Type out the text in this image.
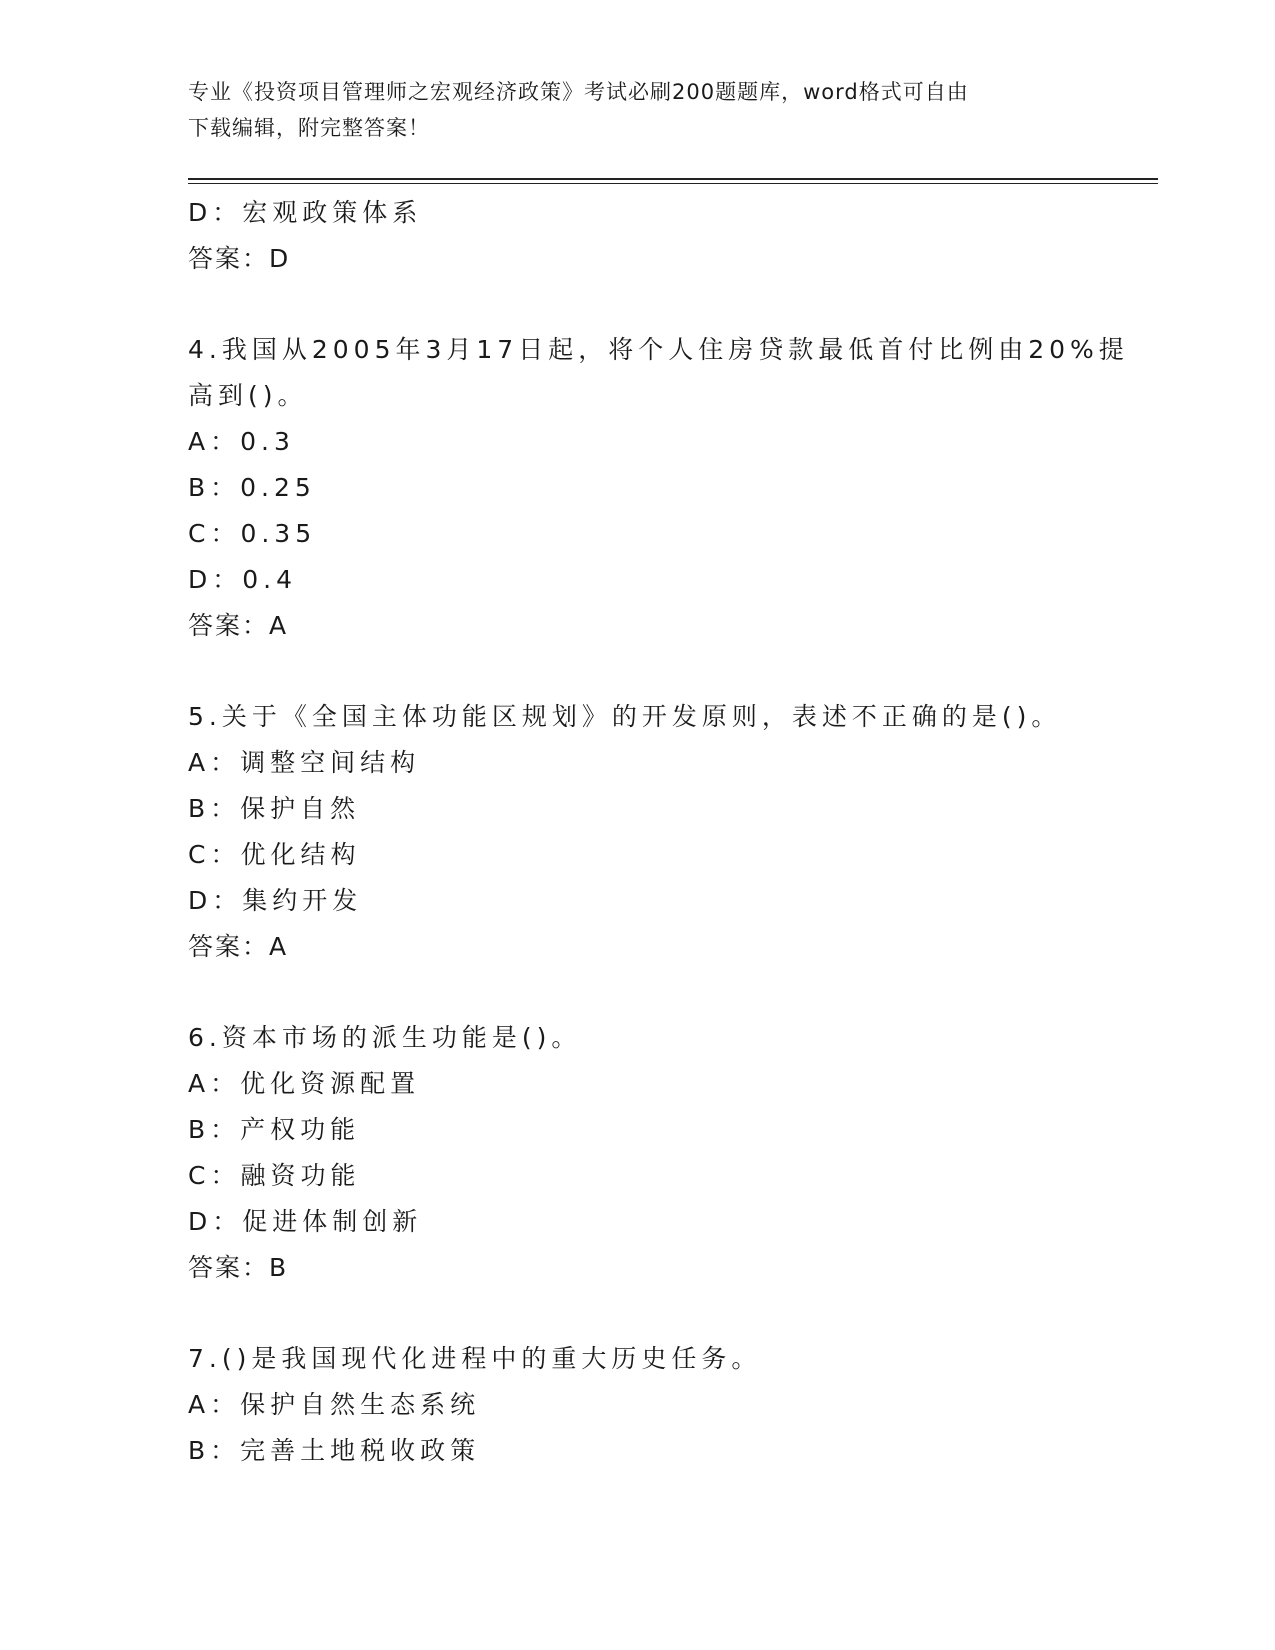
专业《投资项目管理师之宏观经济政策》考试必刷200题题库，word格式可自由
下载编辑，附完整答案！
D：宏观政策体系
答案：D
4.我国从2005年3月17日起，将个人住房贷款最低首付比例由20%提
高到()。
A：0.3
B：0.25
C：0.35
D：0.4
答案：A
5.关于《全国主体功能区规划》的开发原则，表述不正确的是()。
A：调整空间结构
B：保护自然
C：优化结构
D：集约开发
答案：A
6.资本市场的派生功能是()。
A：优化资源配置
B：产权功能
C：融资功能
D：促进体制创新
答案：B
7.()是我国现代化进程中的重大历史任务。
A：保护自然生态系统
B：完善土地税收政策
